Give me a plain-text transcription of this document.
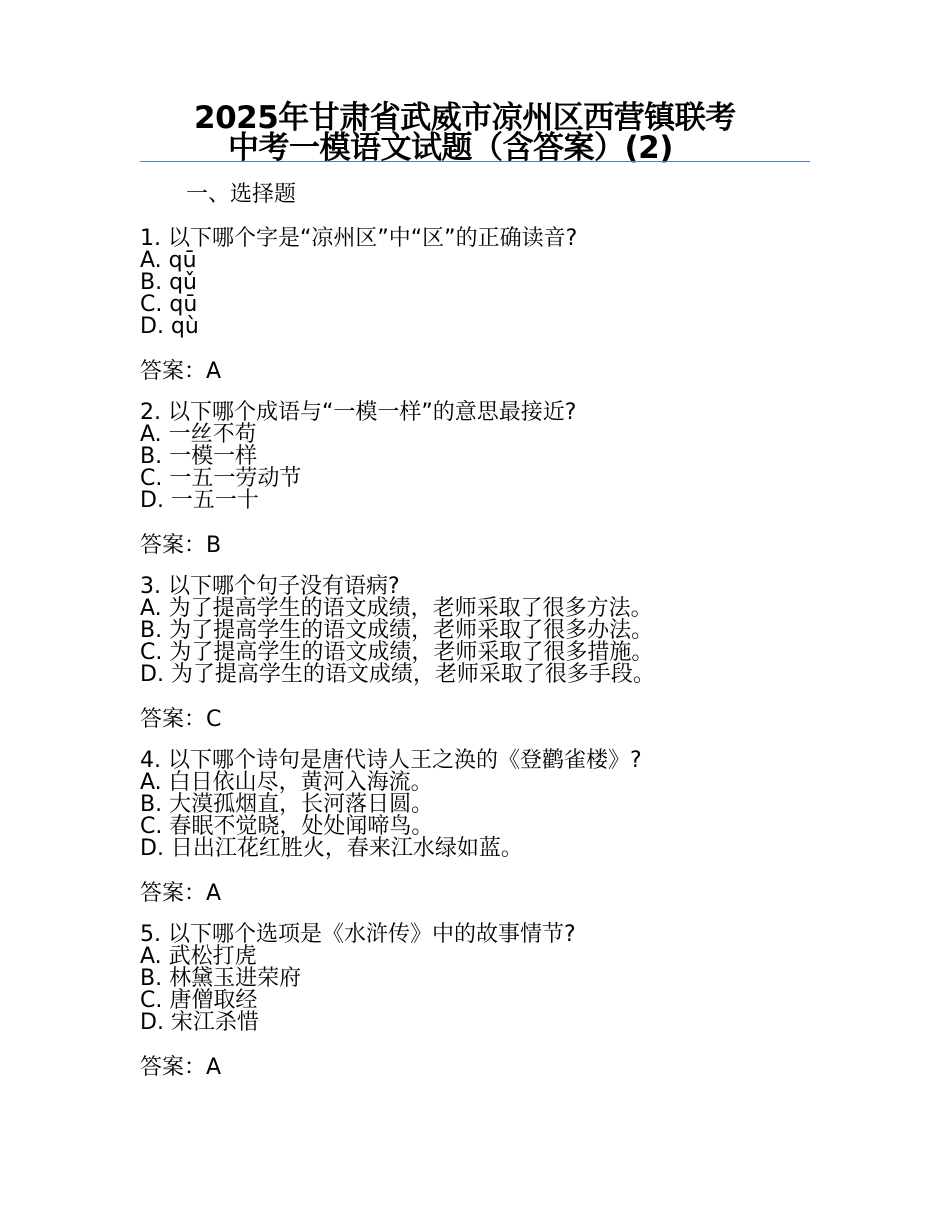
2025年甘肃省武威市凉州区西营镇联考
中考一模语文试题（含答案）(2)
一、选择题
1. 以下哪个字是“凉州区”中“区”的正确读音?
A. qū
B. qǔ
C. qū
D. qù
答案：A
2. 以下哪个成语与“一模一样”的意思最接近?
A. 一丝不苟
B. 一模一样
C. 一五一劳动节
D. 一五一十
答案：B
3. 以下哪个句子没有语病?
A. 为了提高学生的语文成绩，老师采取了很多方法。
B. 为了提高学生的语文成绩，老师采取了很多办法。
C. 为了提高学生的语文成绩，老师采取了很多措施。
D. 为了提高学生的语文成绩，老师采取了很多手段。
答案：C
4. 以下哪个诗句是唐代诗人王之涣的《登鹳雀楼》?
A. 白日依山尽，黄河入海流。
B. 大漠孤烟直，长河落日圆。
C. 春眠不觉晓，处处闻啼鸟。
D. 日出江花红胜火，春来江水绿如蓝。
答案：A
5. 以下哪个选项是《水浒传》中的故事情节?
A. 武松打虎
B. 林黛玉进荣府
C. 唐僧取经
D. 宋江杀惜
答案：A
